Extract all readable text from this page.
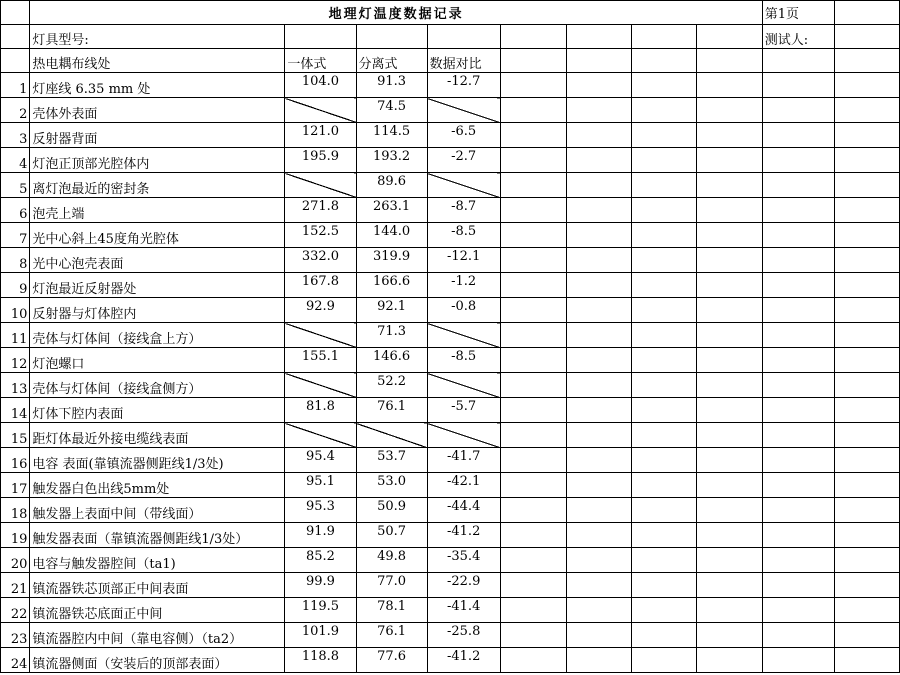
	地理灯温度数据记录								第1页	
	灯具型号:								测试人:	
	热电耦布线处	一体式	分离式	数据对比						
1	灯座线 6.35 mm 处	104.0	91.3	-12.7						
2	壳体外表面		74.5							
3	反射器背面	121.0	114.5	-6.5						
4	灯泡正顶部光腔体内	195.9	193.2	-2.7						
5	离灯泡最近的密封条		89.6							
6	泡壳上端	271.8	263.1	-8.7						
7	光中心斜上45度角光腔体	152.5	144.0	-8.5						
8	光中心泡壳表面	332.0	319.9	-12.1						
9	灯泡最近反射器处	167.8	166.6	-1.2						
10	反射器与灯体腔内	92.9	92.1	-0.8						
11	壳体与灯体间（接线盒上方）		71.3							
12	灯泡螺口	155.1	146.6	-8.5						
13	壳体与灯体间（接线盒侧方）		52.2							
14	灯体下腔内表面	81.8	76.1	-5.7						
15	距灯体最近外接电缆线表面									
16	电容 表面(靠镇流器侧距线1/3处)	95.4	53.7	-41.7						
17	触发器白色出线5mm处	95.1	53.0	-42.1						
18	触发器上表面中间（带线面）	95.3	50.9	-44.4						
19	触发器表面（靠镇流器侧距线1/3处）	91.9	50.7	-41.2						
20	电容与触发器腔间（ta1)	85.2	49.8	-35.4						
21	镇流器铁芯顶部正中间表面	99.9	77.0	-22.9						
22	镇流器铁芯底面正中间	119.5	78.1	-41.4						
23	镇流器腔内中间（靠电容侧）（ta2）	101.9	76.1	-25.8						
24	镇流器侧面（安装后的顶部表面）	118.8	77.6	-41.2						
